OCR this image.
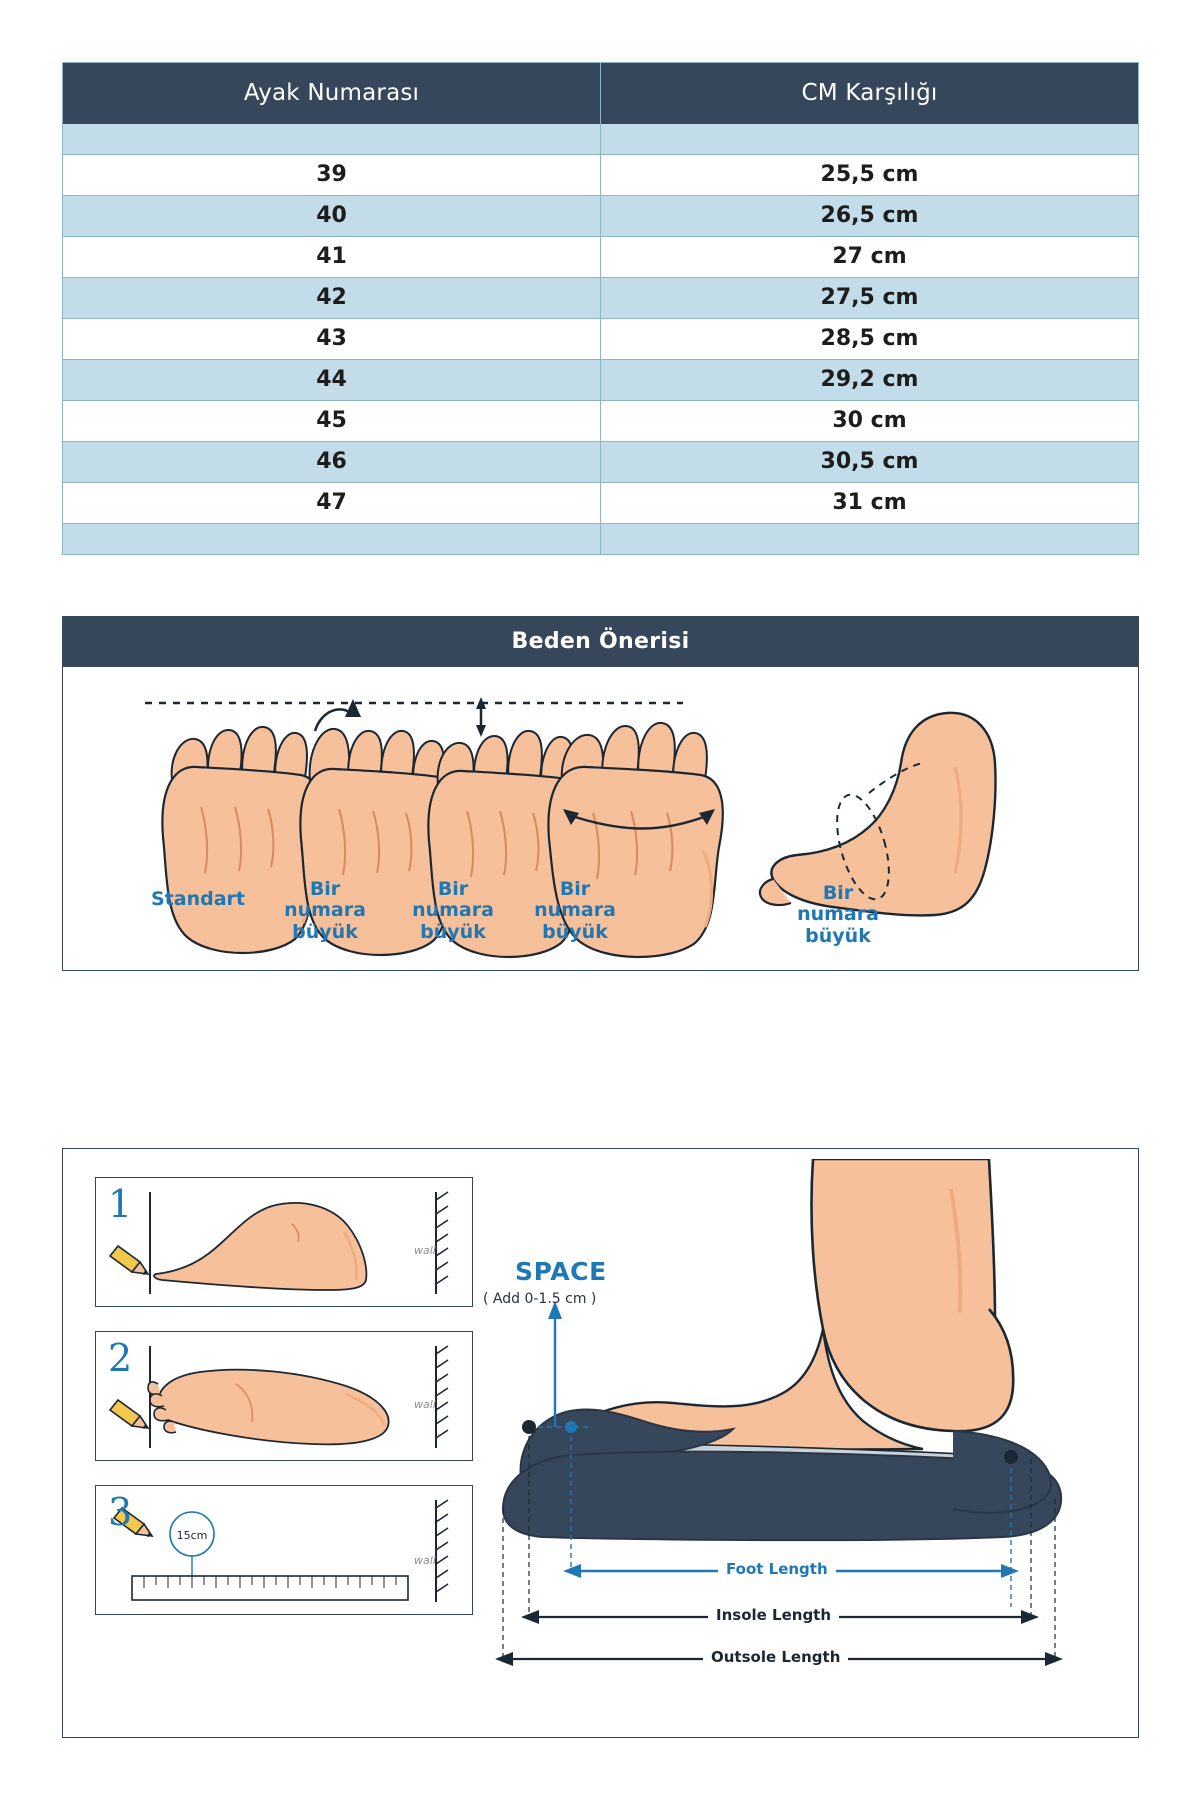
Ayak Numarası	CM Karşılığı

39	25,5 cm
40	26,5 cm
41	27 cm
42	27,5 cm
43	28,5 cm
44	29,2 cm
45	30 cm
46	30,5 cm
47	31 cm

Beden Önerisi
Standart	Bir
numara
büyük
Bir
numara
büyük
Bir
numara
büyük
Bir
numara
büyük
1
wall
2
wall
3
15cm
wall
SPACE
( Add 0-1.5 cm )
Foot Length
Insole Length
Outsole Length
